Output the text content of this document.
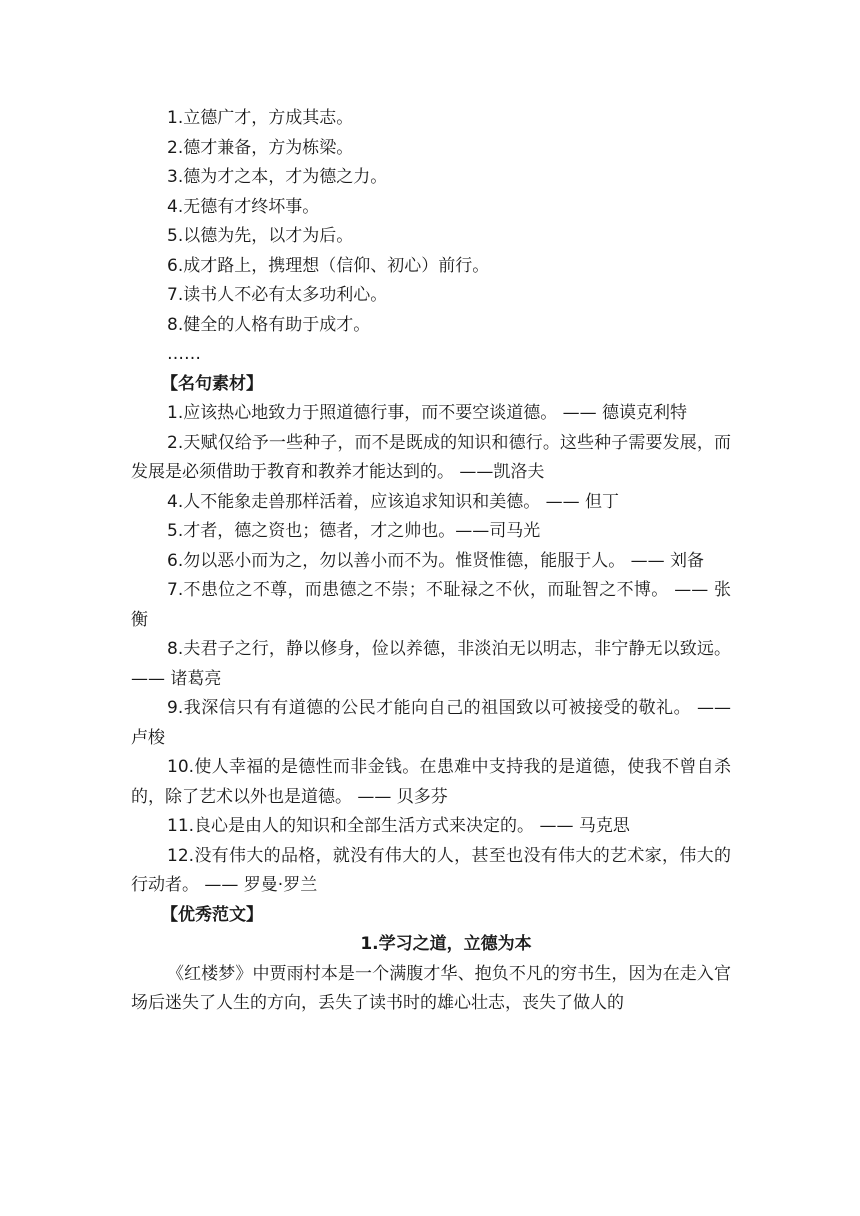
1.立德广才，方成其志。
2.德才兼备，方为栋梁。
3.德为才之本，才为德之力。
4.无德有才终坏事。
5.以德为先，以才为后。
6.成才路上，携理想（信仰、初心）前行。
7.读书人不必有太多功利心。
8.健全的人格有助于成才。
……
【名句素材】
1.应该热心地致力于照道德行事，而不要空谈道德。 —— 德谟克利特
2.天赋仅给予一些种子，而不是既成的知识和德行。这些种子需要发展，而发展是必须借助于教育和教养才能达到的。 ——凯洛夫
4.人不能象走兽那样活着，应该追求知识和美德。 —— 但丁
5.才者，德之资也；德者，才之帅也。——司马光
6.勿以恶小而为之，勿以善小而不为。惟贤惟德，能服于人。 —— 刘备
7.不患位之不尊，而患德之不崇；不耻禄之不伙，而耻智之不博。 —— 张衡
8.夫君子之行，静以修身，俭以养德，非淡泊无以明志，非宁静无以致远。 —— 诸葛亮
9.我深信只有有道德的公民才能向自己的祖国致以可被接受的敬礼。 —— 卢梭
10.使人幸福的是德性而非金钱。在患难中支持我的是道德，使我不曾自杀的，除了艺术以外也是道德。 —— 贝多芬
11.良心是由人的知识和全部生活方式来决定的。 —— 马克思
12.没有伟大的品格，就没有伟大的人，甚至也没有伟大的艺术家，伟大的行动者。 —— 罗曼·罗兰
【优秀范文】
1.学习之道，立德为本
《红楼梦》中贾雨村本是一个满腹才华、抱负不凡的穷书生，因为在走入官场后迷失了人生的方向，丢失了读书时的雄心壮志，丧失了做人的
